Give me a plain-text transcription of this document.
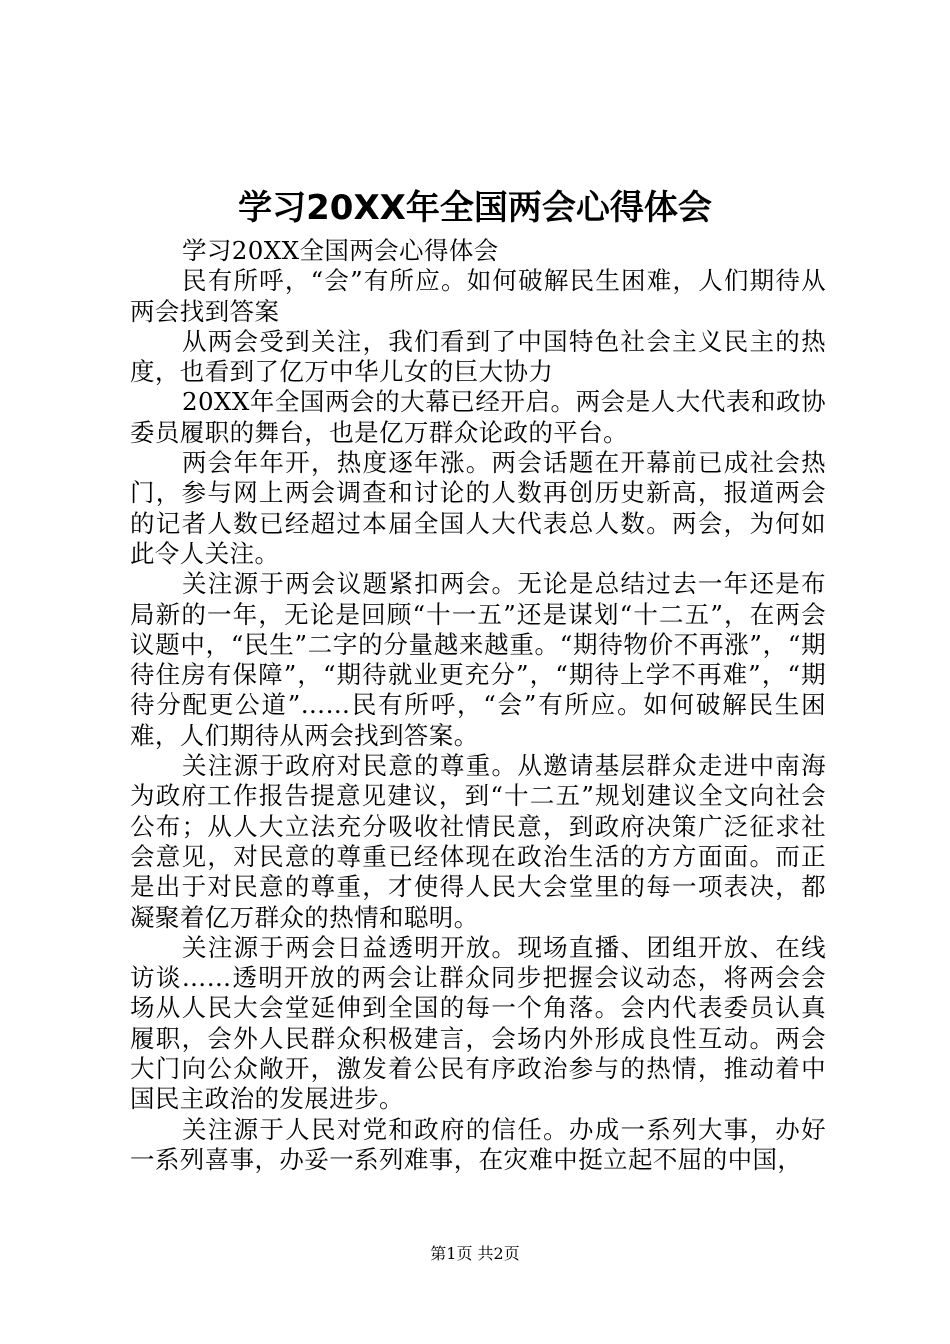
学习20XX年全国两会心得体会

学习20XX全国两会心得体会

民有所呼，“会”有所应。如何破解民生困难，人们期待从两会找到答案

从两会受到关注，我们看到了中国特色社会主义民主的热度，也看到了亿万中华儿女的巨大协力

20XX年全国两会的大幕已经开启。两会是人大代表和政协委员履职的舞台，也是亿万群众论政的平台。

两会年年开，热度逐年涨。两会话题在开幕前已成社会热门，参与网上两会调查和讨论的人数再创历史新高，报道两会的记者人数已经超过本届全国人大代表总人数。两会，为何如此令人关注。

关注源于两会议题紧扣两会。无论是总结过去一年还是布局新的一年，无论是回顾“十一五”还是谋划“十二五”，在两会议题中，“民生”二字的分量越来越重。“期待物价不再涨”，“期待住房有保障”，“期待就业更充分”，“期待上学不再难”，“期待分配更公道”……民有所呼，“会”有所应。如何破解民生困难，人们期待从两会找到答案。

关注源于政府对民意的尊重。从邀请基层群众走进中南海为政府工作报告提意见建议，到“十二五”规划建议全文向社会公布；从人大立法充分吸收社情民意，到政府决策广泛征求社会意见，对民意的尊重已经体现在政治生活的方方面面。而正是出于对民意的尊重，才使得人民大会堂里的每一项表决，都凝聚着亿万群众的热情和聪明。

关注源于两会日益透明开放。现场直播、团组开放、在线访谈……透明开放的两会让群众同步把握会议动态，将两会会场从人民大会堂延伸到全国的每一个角落。会内代表委员认真履职，会外人民群众积极建言，会场内外形成良性互动。两会大门向公众敞开，激发着公民有序政治参与的热情，推动着中国民主政治的发展进步。

关注源于人民对党和政府的信任。办成一系列大事，办好一系列喜事，办妥一系列难事，在灾难中挺立起不屈的中国，

第1页 共2页
